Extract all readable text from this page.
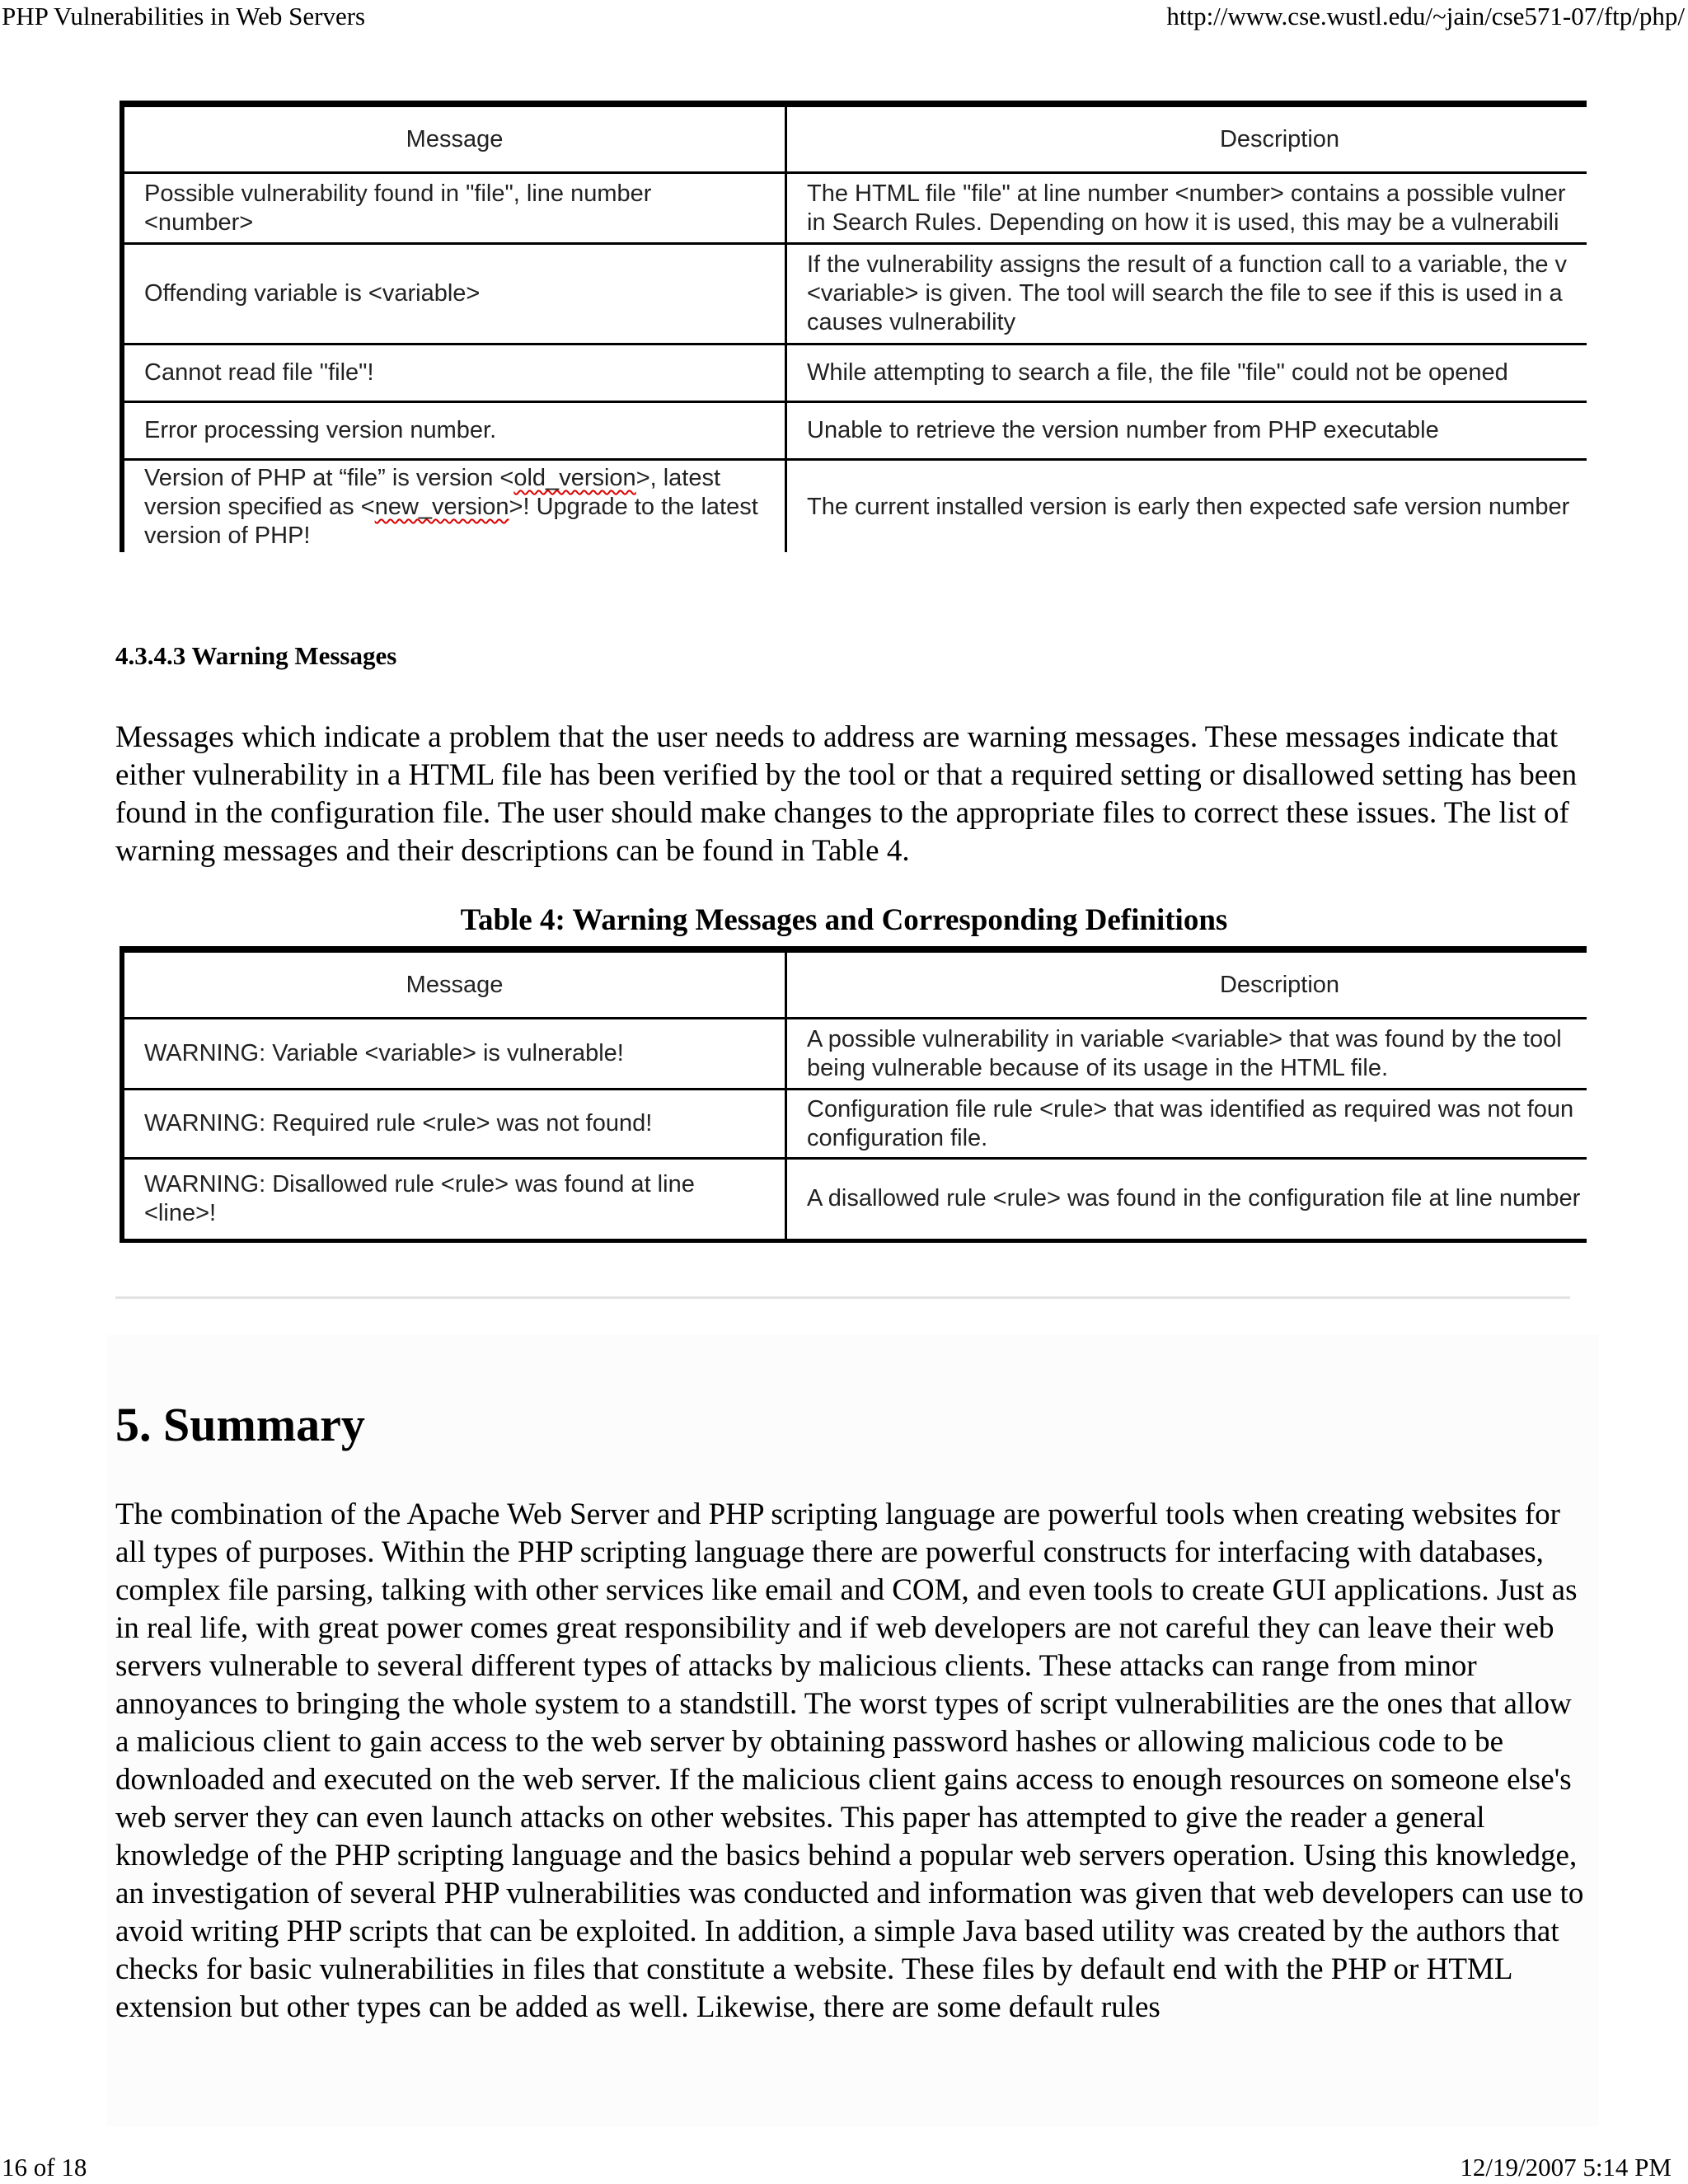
PHP Vulnerabilities in Web Servers	http://www.cse.wustl.edu/~jain/cse571-07/ftp/php/
Message	Description
Possible vulnerability found in "file", line number <number>	The HTML file "file" at line number <number> contains a possible vulner
in Search Rules. Depending on how it is used, this may be a vulnerabili

Offending variable is <variable>	If the vulnerability assigns the result of a function call to a variable, the v
<variable> is given. The tool will search the file to see if this is used in a
causes vulnerability

Cannot read file "file"!	While attempting to search a file, the file "file" could not be opened
Error processing version number.	Unable to retrieve the version number from PHP executable
Version of PHP at “file” is version <old_version>, latest version specified as <new_version>! Upgrade to the latest version of PHP!	The current installed version is early then expected safe version number
4.3.4.3 Warning Messages

Messages which indicate a problem that the user needs to address are warning messages. These messages indicate that either vulnerability in a HTML file has been verified by the tool or that a required setting or disallowed setting has been found in the configuration file. The user should make changes to the appropriate files to correct these issues. The list of warning messages and their descriptions can be found in Table 4.

Table 4: Warning Messages and Corresponding Definitions
Message	Description
WARNING: Variable <variable> is vulnerable!	A possible vulnerability in variable <variable> that was found by the tool
being vulnerable because of its usage in the HTML file.

WARNING: Required rule <rule> was not found!	Configuration file rule <rule> that was identified as required was not foun
configuration file.

WARNING: Disallowed rule <rule> was found at line <line>!	A disallowed rule <rule> was found in the configuration file at line number
5. Summary

The combination of the Apache Web Server and PHP scripting language are powerful tools when creating websites for all types of purposes. Within the PHP scripting language there are powerful constructs for interfacing with databases, complex file parsing, talking with other services like email and COM, and even tools to create GUI applications. Just as in real life, with great power comes great responsibility and if web developers are not careful they can leave their web servers vulnerable to several different types of attacks by malicious clients. These attacks can range from minor annoyances to bringing the whole system to a standstill. The worst types of script vulnerabilities are the ones that allow a malicious client to gain access to the web server by obtaining password hashes or allowing malicious code to be downloaded and executed on the web server. If the malicious client gains access to enough resources on someone else's web server they can even launch attacks on other websites. This paper has attempted to give the reader a general knowledge of the PHP scripting language and the basics behind a popular web servers operation. Using this knowledge, an investigation of several PHP vulnerabilities was conducted and information was given that web developers can use to avoid writing PHP scripts that can be exploited. In addition, a simple Java based utility was created by the authors that checks for basic vulnerabilities in files that constitute a website. These files by default end with the PHP or HTML extension but other types can be added as well. Likewise, there are some default rules

16 of 18	12/19/2007 5:14 PM
